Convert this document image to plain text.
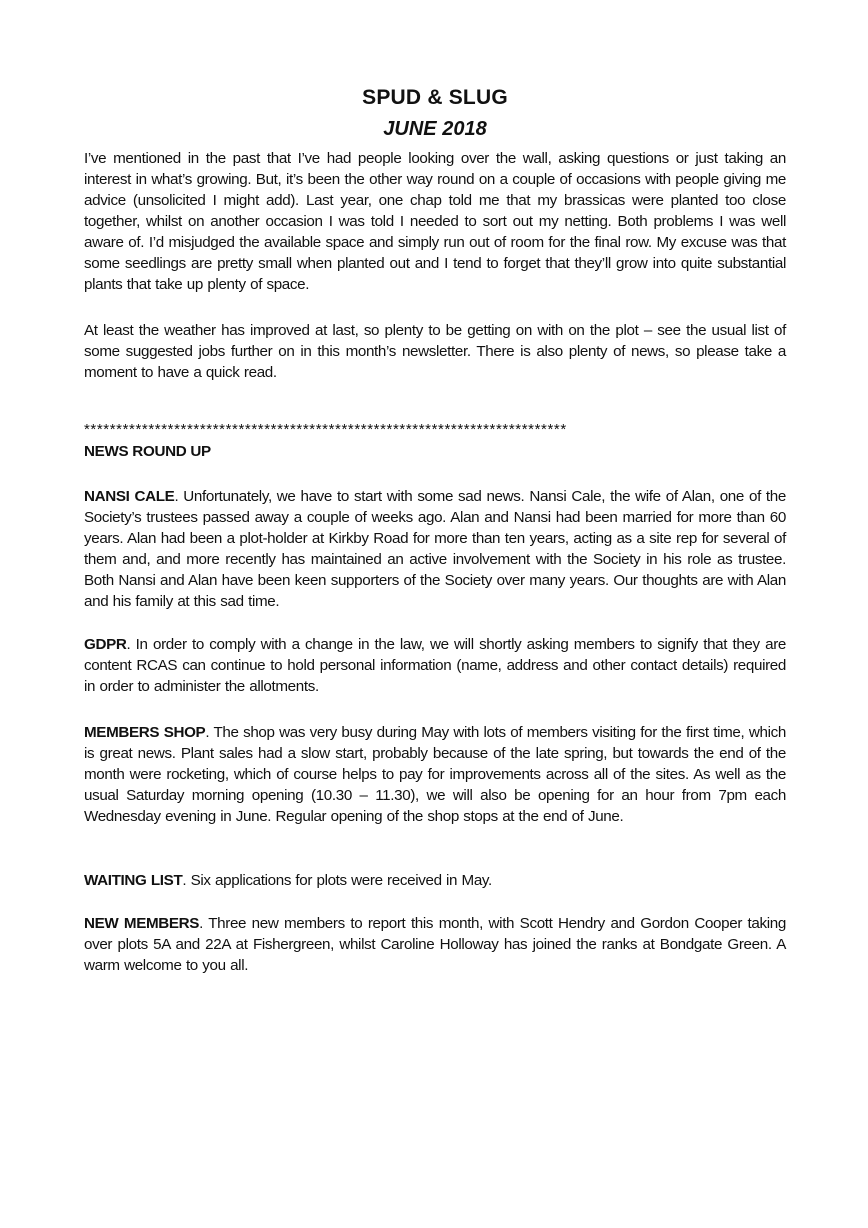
SPUD & SLUG
JUNE 2018

I’ve mentioned in the past that I’ve had people looking over the wall, asking questions or just taking an interest in what’s growing. But, it’s been the other way round on a couple of occasions with people giving me advice (unsolicited I might add). Last year, one chap told me that my brassicas were planted too close together, whilst on another occasion I was told I needed to sort out my netting. Both problems I was well aware of. I’d misjudged the available space and simply run out of room for the final row. My excuse was that some seedlings are pretty small when planted out and I tend to forget that they’ll grow into quite substantial plants that take up plenty of space.

At least the weather has improved at last, so plenty to be getting on with on the plot – see the usual list of some suggested jobs further on in this month’s newsletter. There is also plenty of news, so please take a moment to have a quick read.

***************************************************************************
NEWS ROUND UP

NANSI CALE. Unfortunately, we have to start with some sad news. Nansi Cale, the wife of Alan, one of the Society’s trustees passed away a couple of weeks ago. Alan and Nansi had been married for more than 60 years. Alan had been a plot-holder at Kirkby Road for more than ten years, acting as a site rep for several of them and, and more recently has maintained an active involvement with the Society in his role as trustee. Both Nansi and Alan have been keen supporters of the Society over many years. Our thoughts are with Alan and his family at this sad time.

GDPR. In order to comply with a change in the law, we will shortly asking members to signify that they are content RCAS can continue to hold personal information (name, address and other contact details) required in order to administer the allotments.

MEMBERS SHOP. The shop was very busy during May with lots of members visiting for the first time, which is great news. Plant sales had a slow start, probably because of the late spring, but towards the end of the month were rocketing, which of course helps to pay for improvements across all of the sites. As well as the usual Saturday morning opening (10.30 – 11.30), we will also be opening for an hour from 7pm each Wednesday evening in June. Regular opening of the shop stops at the end of June.

WAITING LIST. Six applications for plots were received in May.

NEW MEMBERS. Three new members to report this month, with Scott Hendry and Gordon Cooper taking over plots 5A and 22A at Fishergreen, whilst Caroline Holloway has joined the ranks at Bondgate Green. A warm welcome to you all.
